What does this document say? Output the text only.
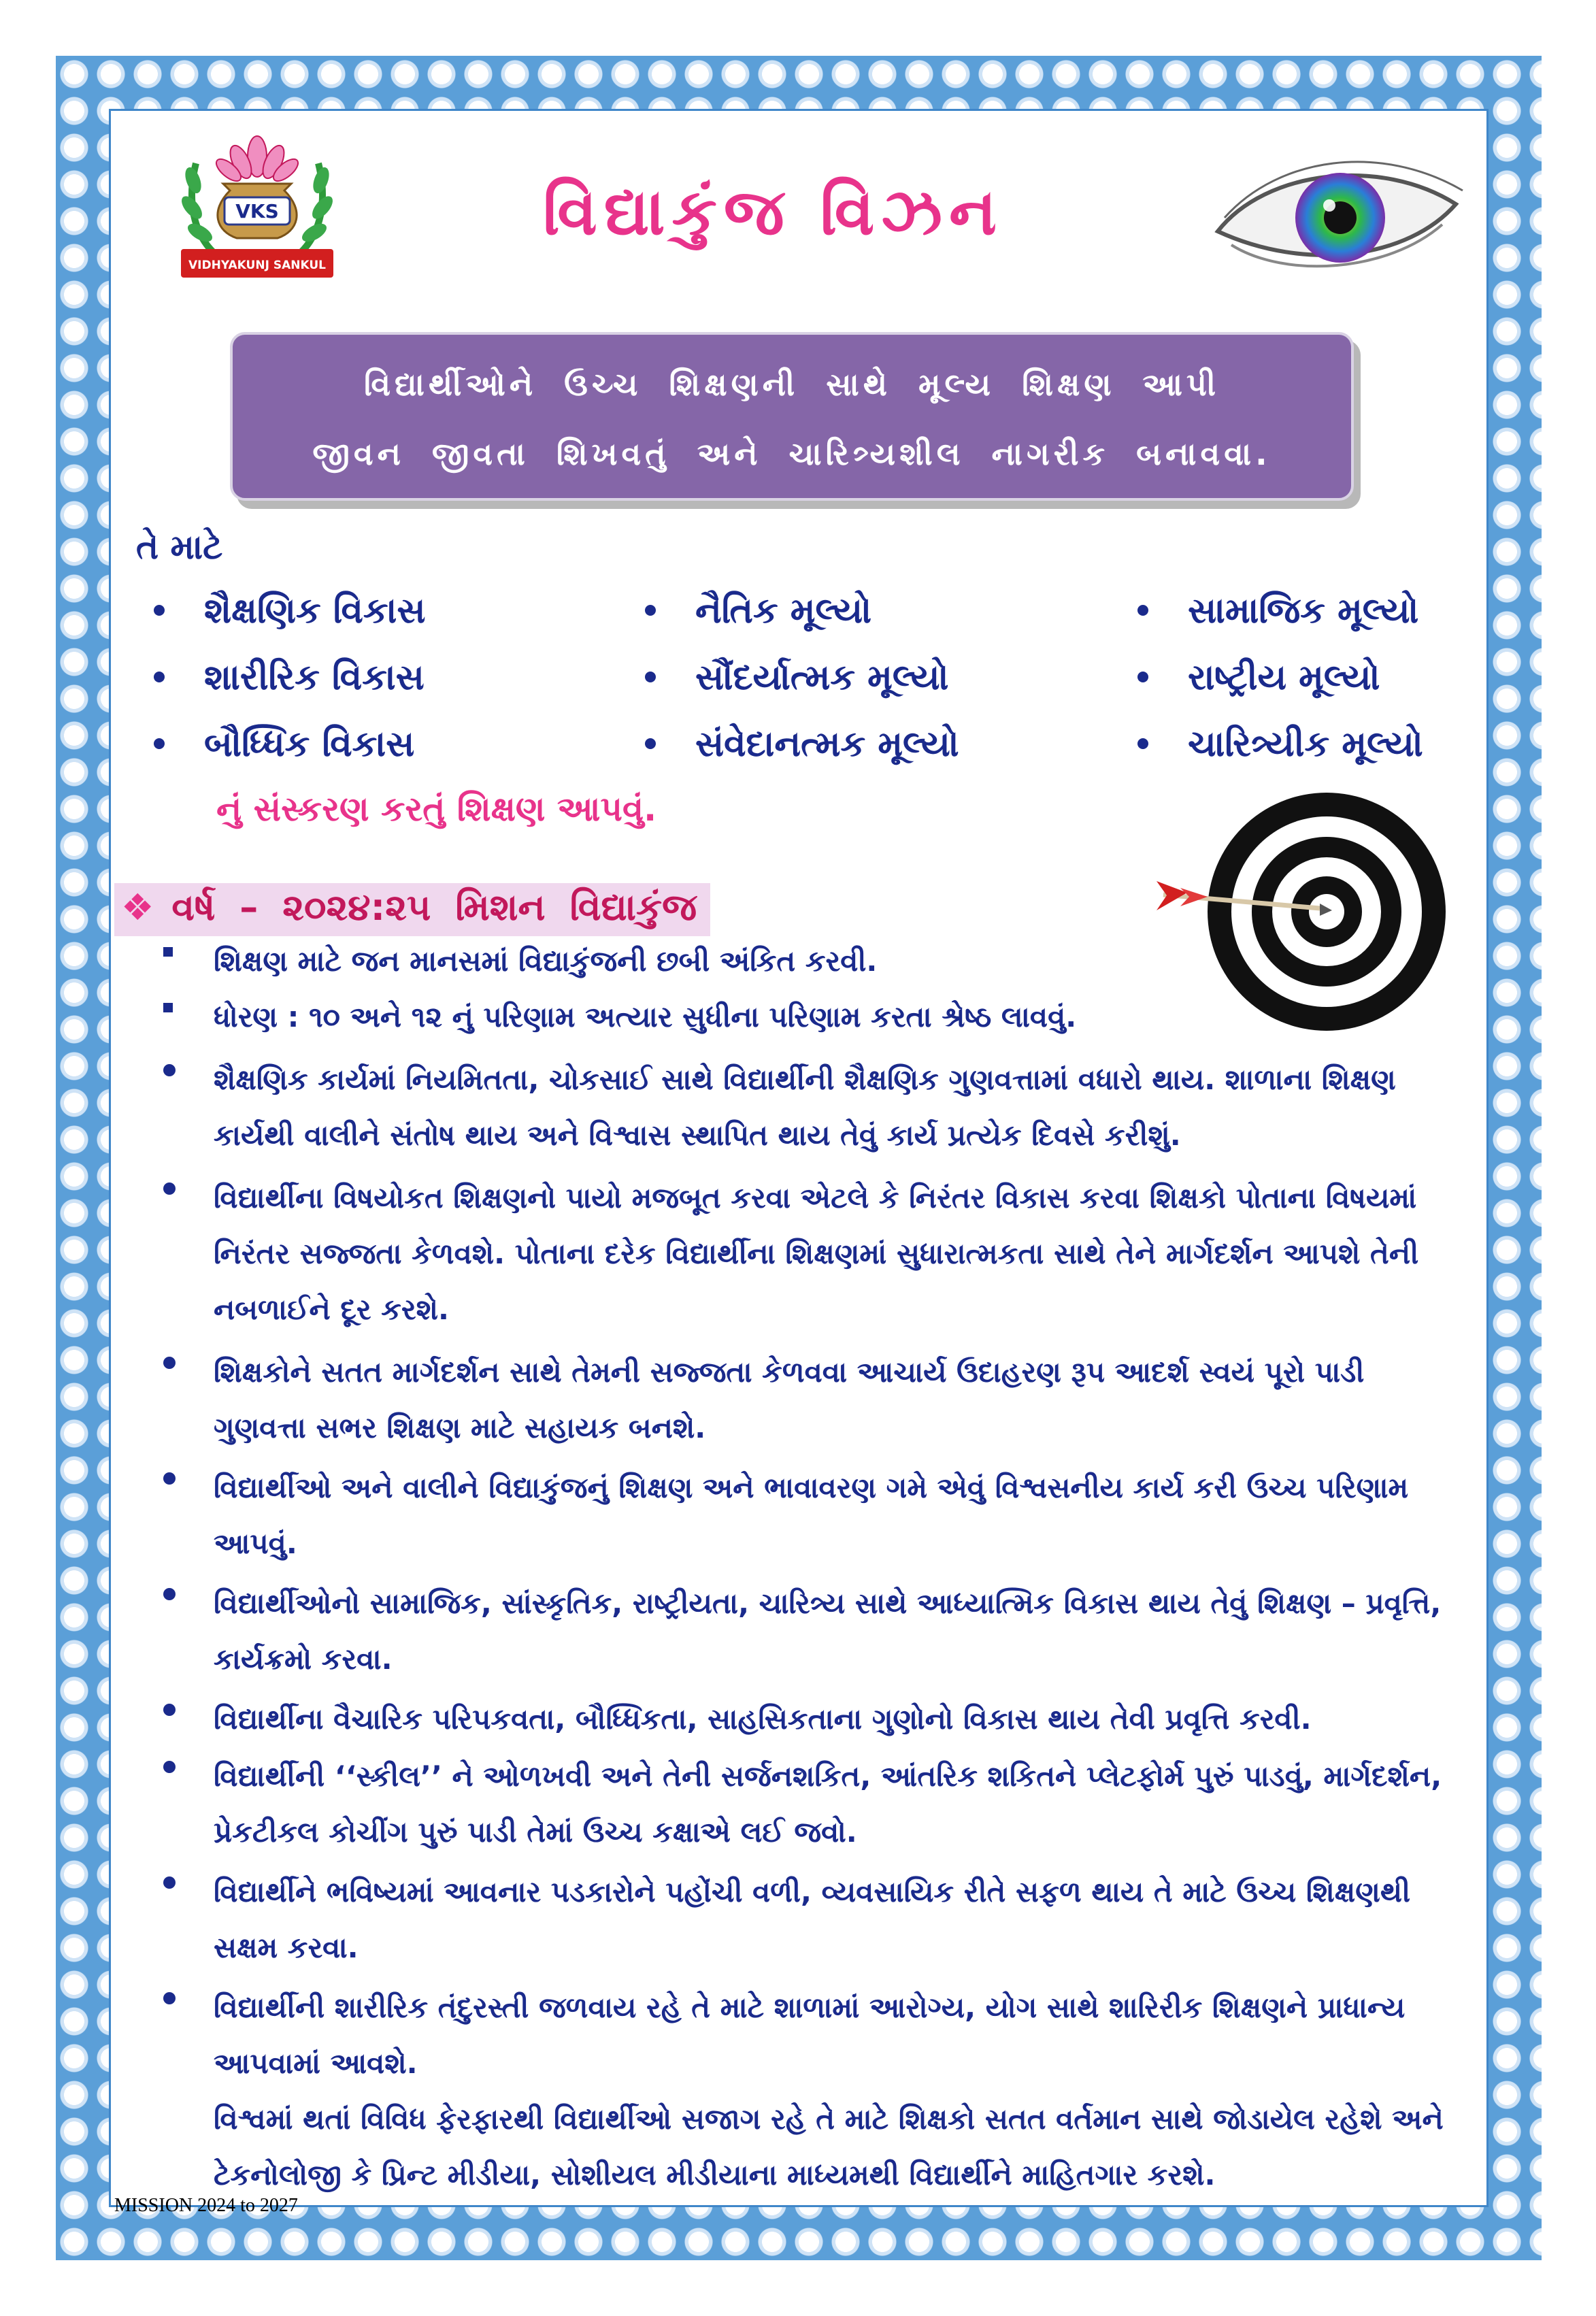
VKS
VIDHYAKUNJ SANKUL
વિદ્યાકુંજ વિઝન
વિદ્યાર્થીઓને ઉચ્ચ શિક્ષણની સાથે મૂલ્ય શિક્ષણ આપી
જીવન જીવતા શિખવતું અને ચારિત્ર્યશીલ નાગરીક બનાવવા.
તે માટે
શૈક્ષણિક વિકાસ	નૈતિક મૂલ્યો	સામાજિક મૂલ્યો
શારીરિક વિકાસ	સૌંદર્યાત્મક મૂલ્યો	રાષ્ટ્રીય મૂલ્યો
બૌધ્ધિક વિકાસ	સંવેદાનત્મક મૂલ્યો	ચારિત્ર્યીક મૂલ્યો
નું સંસ્કરણ કરતું શિક્ષણ આપવું.
❖ વર્ષ – ૨૦૨૪:૨૫ મિશન વિદ્યાકુંજ
શિક્ષણ માટે જન માનસમાં વિદ્યાકુંજની છબી અંકિત કરવી.
ધોરણ : ૧૦ અને ૧૨ નું પરિણામ અત્યાર સુધીના પરિણામ કરતા શ્રેષ્ઠ લાવવું.
શૈક્ષણિક કાર્યમાં નિયમિતતા, ચોકસાઈ સાથે વિદ્યાર્થીની શૈક્ષણિક ગુણવત્તામાં વધારો થાય. શાળાના શિક્ષણ કાર્યથી વાલીને સંતોષ થાય અને વિશ્વાસ સ્થાપિત થાય તેવું કાર્ય પ્રત્યેક દિવસે કરીશું.
વિદ્યાર્થીના વિષયોકત શિક્ષણનો પાયો મજબૂત કરવા એટલે કે નિરંતર વિકાસ કરવા શિક્ષકો પોતાના વિષયમાં નિરંતર સજ્જતા કેળવશે. પોતાના દરેક વિદ્યાર્થીના શિક્ષણમાં સુધારાત્મકતા સાથે તેને માર્ગદર્શન આપશે તેની નબળાઈને દૂર કરશે.
શિક્ષકોને સતત માર્ગદર્શન સાથે તેમની સજ્જતા કેળવવા આચાર્ય ઉદાહરણ રૂપ આદર્શ સ્વયં પૂરો પાડી ગુણવત્તા સભર શિક્ષણ માટે સહાયક બનશે.
વિદ્યાર્થીઓ અને વાલીને વિદ્યાકુંજનું શિક્ષણ અને ભાવાવરણ ગમે એવું વિશ્વસનીય કાર્ય કરી ઉચ્ચ પરિણામ આપવું.
વિદ્યાર્થીઓનો સામાજિક, સાંસ્કૃતિક, રાષ્ટ્રીયતા, ચારિત્ર્ય સાથે આધ્યાત્મિક વિકાસ થાય તેવું શિક્ષણ – પ્રવૃત્તિ, કાર્યક્રમો કરવા.
વિદ્યાર્થીના વૈચારિક પરિપકવતા, બૌધ્ધિકતા, સાહસિકતાના ગુણોનો વિકાસ થાય તેવી પ્રવૃત્તિ કરવી.
વિદ્યાર્થીની ‘‘સ્કીલ’’ ને ઓળખવી અને તેની સર્જનશકિત, આંતરિક શકિતને પ્લેટફોર્મ પુરું પાડવું, માર્ગદર્શન, પ્રેકટીકલ કોચીંગ પુરું પાડી તેમાં ઉચ્ચ કક્ષાએ લઈ જવો.
વિદ્યાર્થીને ભવિષ્યમાં આવનાર પડકારોને પહોંચી વળી, વ્યવસાયિક રીતે સફળ થાય તે માટે ઉચ્ચ શિક્ષણથી સક્ષમ કરવા.
વિદ્યાર્થીની શારીરિક તંદુરસ્તી જળવાય રહે તે માટે શાળામાં આરોગ્ય, યોગ સાથે શારિરીક શિક્ષણને પ્રાધાન્ય આપવામાં આવશે.
વિશ્વમાં થતાં વિવિધ ફેરફારથી વિદ્યાર્થીઓ સજાગ રહે તે માટે શિક્ષકો સતત વર્તમાન સાથે જોડાયેલ રહેશે અને ટેકનોલોજી કે પ્રિન્ટ મીડીયા, સોશીયલ મીડીયાના માધ્યમથી વિદ્યાર્થીને માહિતગાર કરશે.
MISSION 2024 to 2027
